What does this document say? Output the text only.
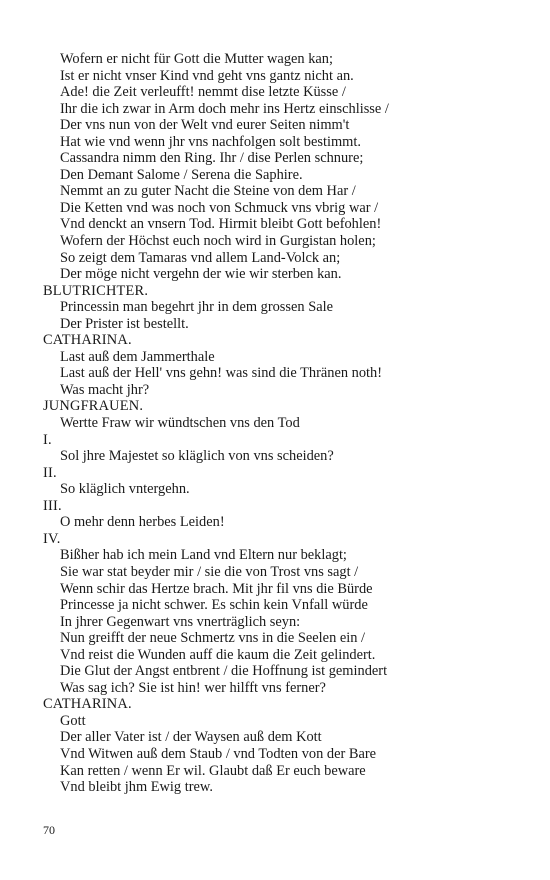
Wofern er nicht für Gott die Mutter wagen kan;
Ist er nicht vnser Kind vnd geht vns gantz nicht an.
Ade! die Zeit verleufft! nemmt dise letzte Küsse /
Ihr die ich zwar in Arm doch mehr ins Hertz einschlisse /
Der vns nun von der Welt vnd eurer Seiten nimm't
Hat wie vnd wenn jhr vns nachfolgen solt bestimmt.
Cassandra nimm den Ring. Ihr / dise Perlen schnure;
Den Demant Salome / Serena die Saphire.
Nemmt an zu guter Nacht die Steine von dem Har /
Die Ketten vnd was noch von Schmuck vns vbrig war /
Vnd denckt an vnsern Tod. Hirmit bleibt Gott befohlen!
Wofern der Höchst euch noch wird in Gurgistan holen;
So zeigt dem Tamaras vnd allem Land-Volck an;
Der möge nicht vergehn der wie wir sterben kan.
BLUTRICHTER.
Princessin man begehrt jhr in dem grossen Sale
Der Prister ist bestellt.
CATHARINA.
Last auß dem Jammerthale
Last auß der Hell' vns gehn! was sind die Thränen noth!
Was macht jhr?
JUNGFRAUEN.
Wertte Fraw wir wündtschen vns den Tod
I.
Sol jhre Majestet so kläglich von vns scheiden?
II.
So kläglich vntergehn.
III.
O mehr denn herbes Leiden!
IV.
Bißher hab ich mein Land vnd Eltern nur beklagt;
Sie war stat beyder mir / sie die von Trost vns sagt /
Wenn schir das Hertze brach. Mit jhr fil vns die Bürde
Princesse ja nicht schwer. Es schin kein Vnfall würde
In jhrer Gegenwart vns vnerträglich seyn:
Nun greifft der neue Schmertz vns in die Seelen ein /
Vnd reist die Wunden auff die kaum die Zeit gelindert.
Die Glut der Angst entbrent / die Hoffnung ist gemindert
Was sag ich? Sie ist hin! wer hilfft vns ferner?
CATHARINA.
Gott
Der aller Vater ist / der Waysen auß dem Kott
Vnd Witwen auß dem Staub / vnd Todten von der Bare
Kan retten / wenn Er wil. Glaubt daß Er euch beware
Vnd bleibt jhm Ewig trew.
70
